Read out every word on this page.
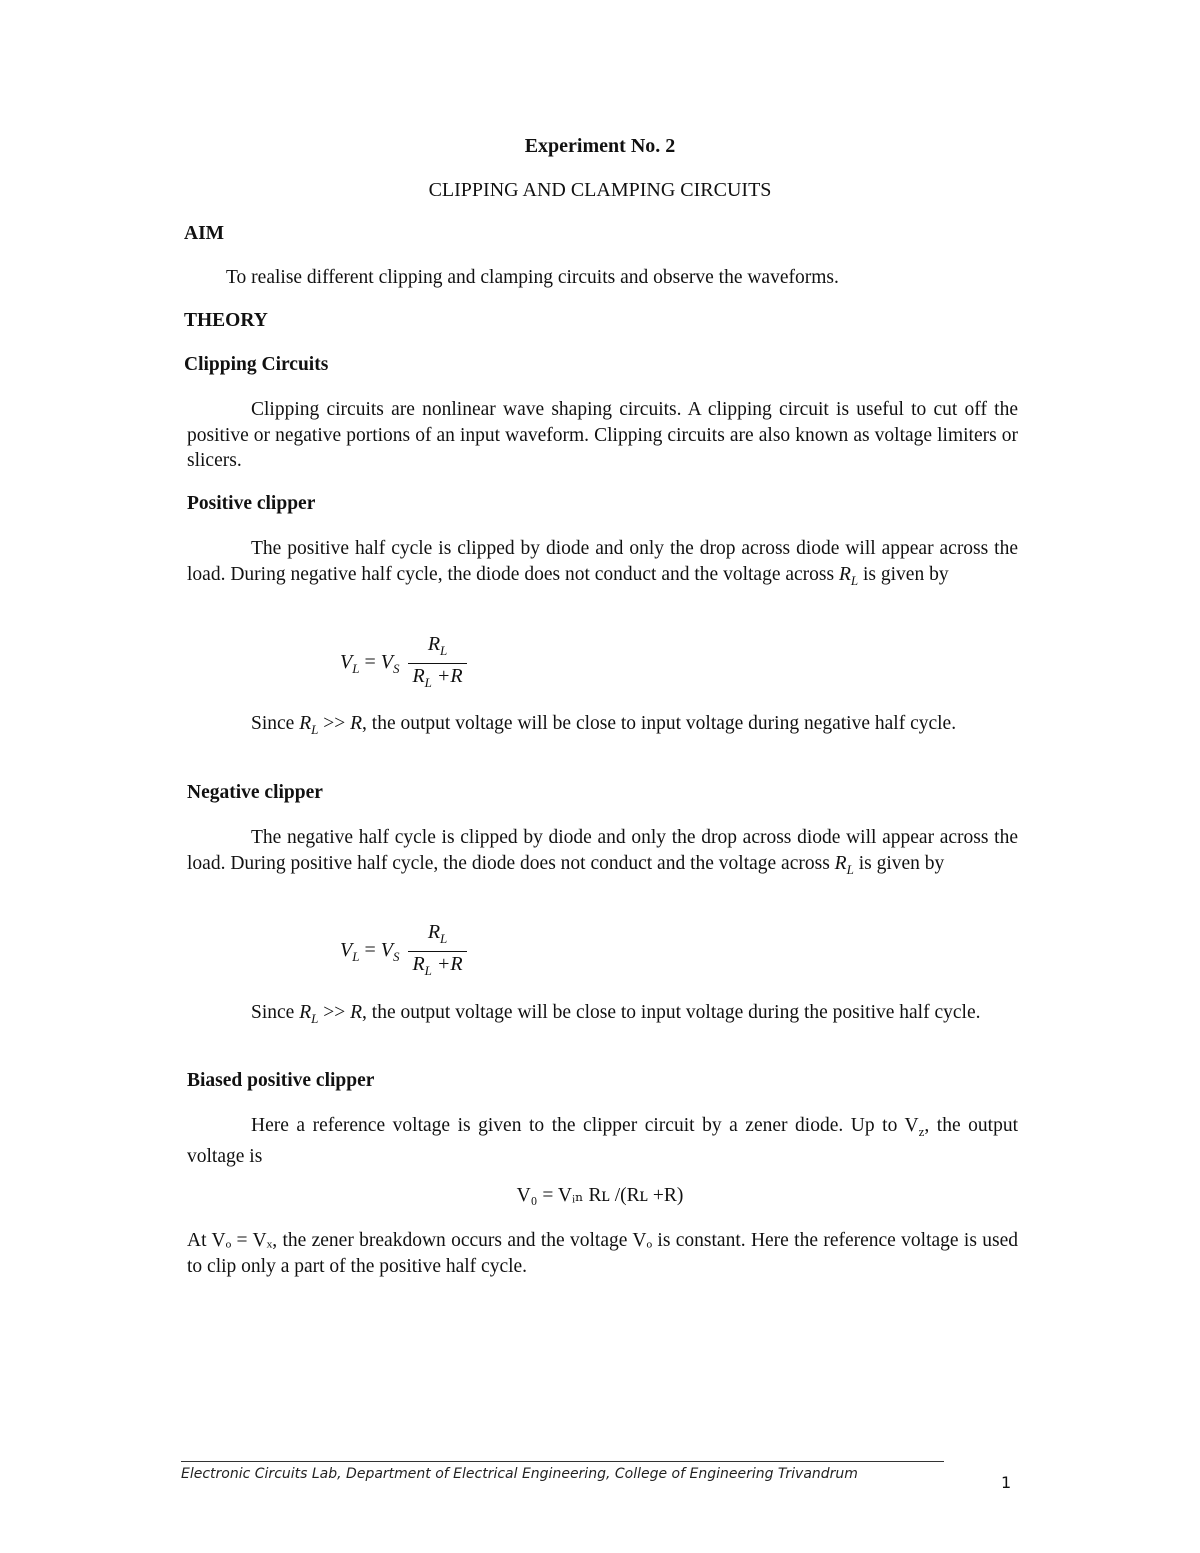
Experiment No. 2
CLIPPING AND CLAMPING CIRCUITS
AIM
To realise different clipping and clamping circuits and observe the waveforms.
THEORY
Clipping Circuits
Clipping circuits are nonlinear wave shaping circuits. A clipping circuit is useful to cut off the positive or negative portions of an input waveform. Clipping circuits are also known as voltage limiters or slicers.
Positive clipper
The positive half cycle is clipped by diode and only the drop across diode will appear across the load. During negative half cycle, the diode does not conduct and the voltage across $R_L$ is given by
$V_L = V_S \frac{R_L}{R_L +R}$
Since $R_L >> R$, the output voltage will be close to input voltage during negative half cycle.
Negative clipper
The negative half cycle is clipped by diode and only the drop across diode will appear across the load. During positive half cycle, the diode does not conduct and the voltage across $R_L$ is given by
$V_L = V_S \frac{R_L}{R_L +R}$
Since $R_L >> R$, the output voltage will be close to input voltage during the positive half cycle.
Biased positive clipper
Here a reference voltage is given to the clipper circuit by a zener diode. Up to $V_z$, the output voltage is
V₀ = Vᵢₙ Rʟ /(Rʟ +R)
At Vₒ = Vₓ, the zener breakdown occurs and the voltage Vₒ is constant. Here the reference voltage is used to clip only a part of the positive half cycle.
Electronic Circuits Lab, Department of Electrical Engineering, College of Engineering Trivandrum	1
